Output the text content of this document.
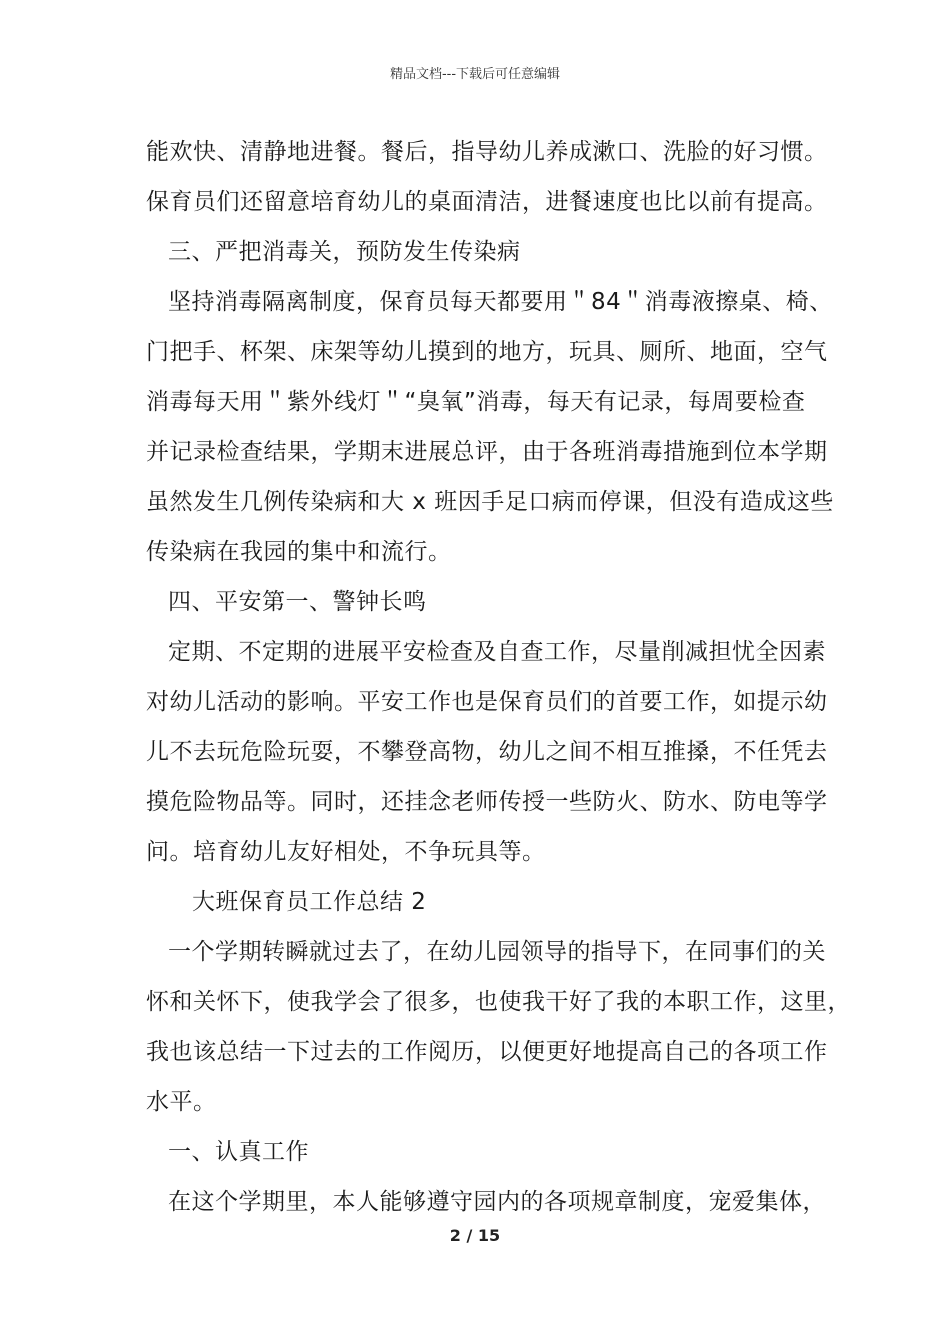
精品文档---下载后可任意编辑
能欢快、清静地进餐。餐后，指导幼儿养成漱口、洗脸的好习惯。
保育员们还留意培育幼儿的桌面清洁，进餐速度也比以前有提高。
三、严把消毒关，预防发生传染病
坚持消毒隔离制度，保育员每天都要用＂84＂消毒液擦桌、椅、
门把手、杯架、床架等幼儿摸到的地方，玩具、厕所、地面，空气
消毒每天用＂紫外线灯＂“臭氧”消毒，每天有记录，每周要检查
并记录检查结果，学期末进展总评，由于各班消毒措施到位本学期
虽然发生几例传染病和大 x 班因手足口病而停课，但没有造成这些
传染病在我园的集中和流行。
四、平安第一、警钟长鸣
定期、不定期的进展平安检查及自查工作，尽量削减担忧全因素
对幼儿活动的影响。平安工作也是保育员们的首要工作，如提示幼
儿不去玩危险玩耍，不攀登高物，幼儿之间不相互推搡，不任凭去
摸危险物品等。同时，还挂念老师传授一些防火、防水、防电等学
问。培育幼儿友好相处，不争玩具等。
大班保育员工作总结 2
一个学期转瞬就过去了，在幼儿园领导的指导下，在同事们的关
怀和关怀下，使我学会了很多，也使我干好了我的本职工作，这里，
我也该总结一下过去的工作阅历，以便更好地提高自己的各项工作
水平。
一、认真工作
在这个学期里，本人能够遵守园内的各项规章制度，宠爱集体，
2 / 15
